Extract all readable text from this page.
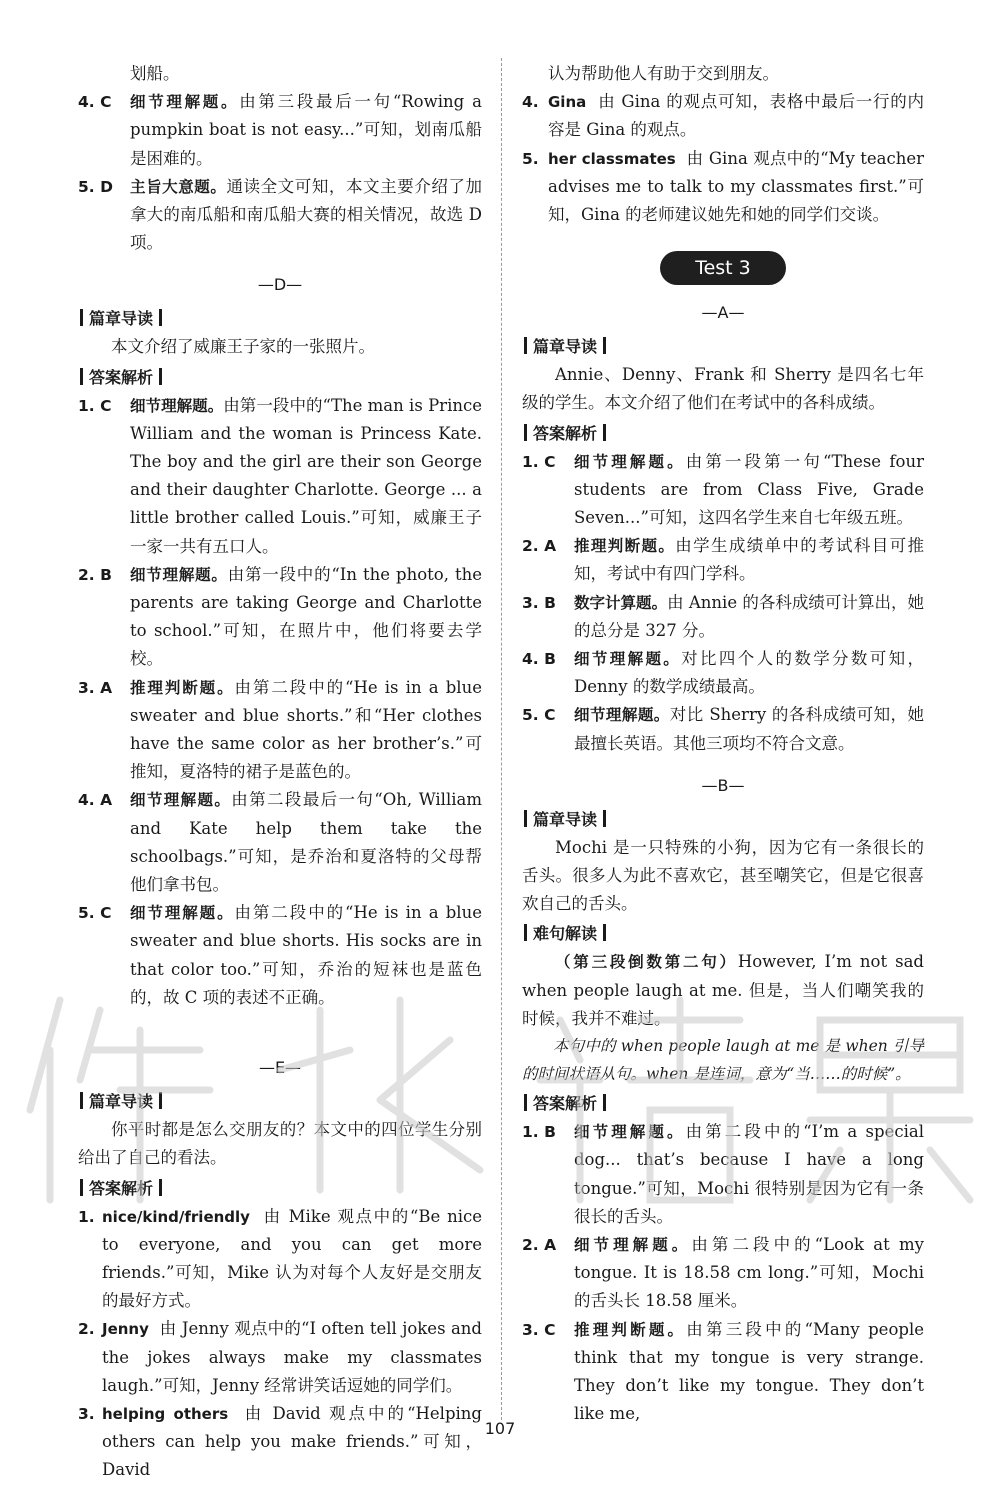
划船。
4. C	细节理解题。由第三段最后一句“Rowing a pumpkin boat is not easy...”可知，划南瓜船是困难的。
5. D	主旨大意题。通读全文可知，本文主要介绍了加拿大的南瓜船和南瓜船大赛的相关情况，故选 D 项。
—D—
篇章导读
本文介绍了威廉王子家的一张照片。
答案解析
1. C	细节理解题。由第一段中的“The man is Prince William and the woman is Princess Kate. The boy and the girl are their son George and their daughter Charlotte. George ... a little brother called Louis.”可知，威廉王子一家一共有五口人。
2. B	细节理解题。由第一段中的“In the photo, the parents are taking George and Charlotte to school.”可知，在照片中，他们将要去学校。
3. A	推理判断题。由第二段中的“He is in a blue sweater and blue shorts.”和“Her clothes have the same color as her brother’s.”可推知，夏洛特的裙子是蓝色的。
4. A	细节理解题。由第二段最后一句“Oh, William and Kate help them take the schoolbags.”可知，是乔治和夏洛特的父母帮他们拿书包。
5. C	细节理解题。由第二段中的“He is in a blue sweater and blue shorts. His socks are in that color too.”可知，乔治的短袜也是蓝色的，故 C 项的表述不正确。
—E—
篇章导读
你平时都是怎么交朋友的？本文中的四位学生分别给出了自己的看法。
答案解析
1. nice/kind/friendly 由 Mike 观点中的“Be nice to everyone, and you can get more friends.”可知，Mike 认为对每个人友好是交朋友的最好方式。
2. Jenny 由 Jenny 观点中的“I often tell jokes and the jokes always make my classmates laugh.”可知，Jenny 经常讲笑话逗她的同学们。
3. helping others 由 David 观点中的“Helping others can help you make friends.”可知，David
认为帮助他人有助于交到朋友。
4. Gina 由 Gina 的观点可知，表格中最后一行的内容是 Gina 的观点。
5. her classmates 由 Gina 观点中的“My teacher advises me to talk to my classmates first.”可知，Gina 的老师建议她先和她的同学们交谈。
Test 3
—A—
篇章导读
Annie、Denny、Frank 和 Sherry 是四名七年级的学生。本文介绍了他们在考试中的各科成绩。
答案解析
1. C	细节理解题。由第一段第一句“These four students are from Class Five, Grade Seven...”可知，这四名学生来自七年级五班。
2. A	推理判断题。由学生成绩单中的考试科目可推知，考试中有四门学科。
3. B	数字计算题。由 Annie 的各科成绩可计算出，她的总分是 327 分。
4. B	细节理解题。对比四个人的数学分数可知，Denny 的数学成绩最高。
5. C	细节理解题。对比 Sherry 的各科成绩可知，她最擅长英语。其他三项均不符合文意。
—B—
篇章导读
Mochi 是一只特殊的小狗，因为它有一条很长的舌头。很多人为此不喜欢它，甚至嘲笑它，但是它很喜欢自己的舌头。
难句解读
（第三段倒数第二句）However, I’m not sad when people laugh at me. 但是，当人们嘲笑我的时候，我并不难过。
本句中的 when people laugh at me 是 when 引导的时间状语从句。when 是连词，意为“当……的时候”。
答案解析
1. B	细节理解题。由第二段中的“I’m a special dog... that’s because I have a long tongue.”可知，Mochi 很特别是因为它有一条很长的舌头。
2. A	细节理解题。由第二段中的“Look at my tongue. It is 18.58 cm long.”可知，Mochi 的舌头长 18.58 厘米。
3. C	推理判断题。由第三段中的“Many people think that my tongue is very strange. They don’t like my tongue. They don’t like me,
107
